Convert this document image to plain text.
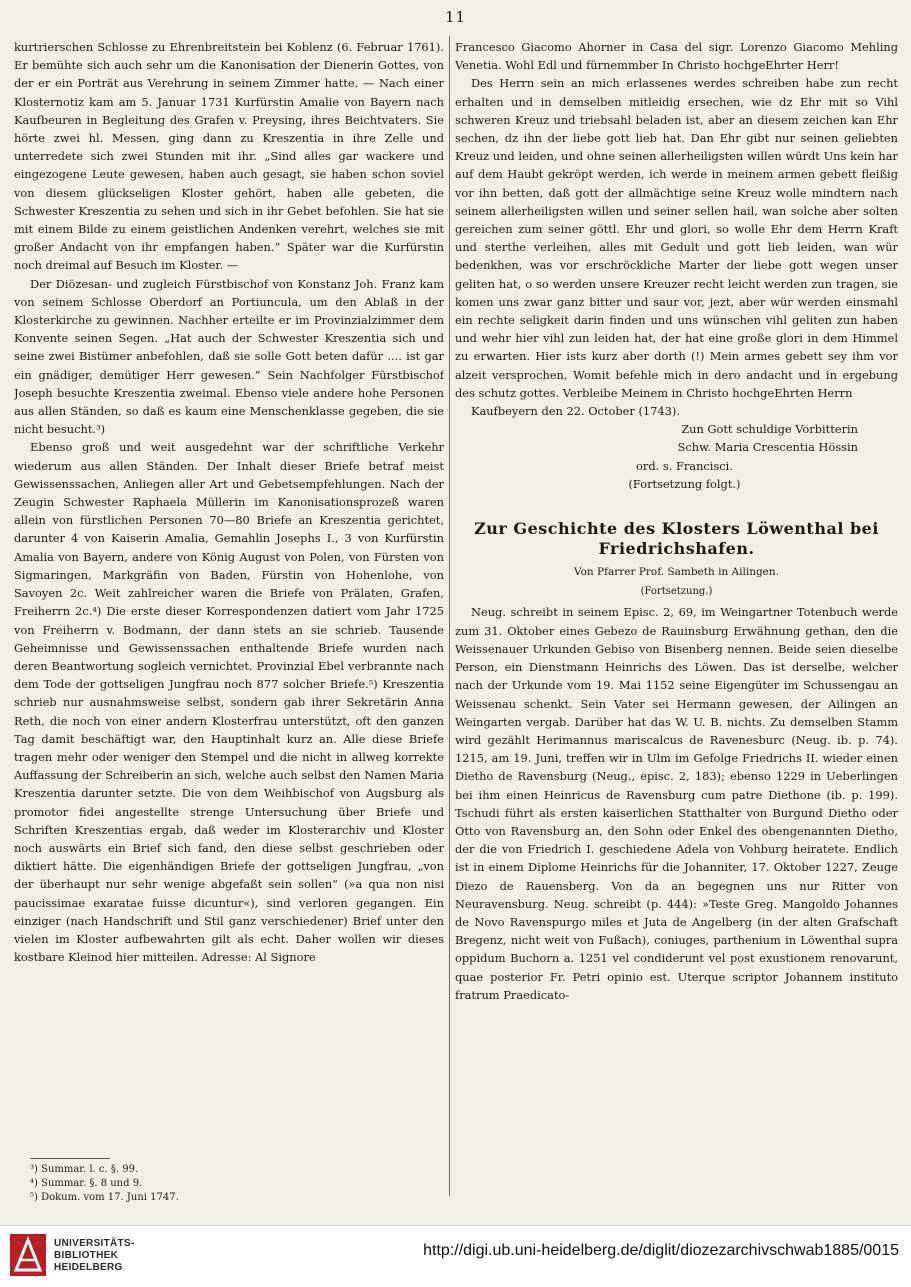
11

kurtrierschen Schlosse zu Ehrenbreitstein bei Koblenz (6. Februar 1761). Er bemühte sich auch sehr um die Kanonisation der Dienerin Gottes, von der er ein Porträt aus Verehrung in seinem Zimmer hatte. — Nach einer Klosternotiz kam am 5. Januar 1731 Kurfürstin Amalie von Bayern nach Kaufbeuren in Begleitung des Grafen v. Preysing, ihres Beichtvaters. Sie hörte zwei hl. Messen, ging dann zu Kreszentia in ihre Zelle und unterredete sich zwei Stunden mit ihr. „Sind alles gar wackere und eingezogene Leute gewesen, haben auch gesagt, sie haben schon soviel von diesem glückseligen Kloster gehört, haben alle gebeten, die Schwester Kreszentia zu sehen und sich in ihr Gebet befohlen. Sie hat sie mit einem Bilde zu einem geistlichen Andenken verehrt, welches sie mit großer Andacht von ihr empfangen haben.“ Später war die Kurfürstin noch dreimal auf Besuch im Kloster. —

Der Diözesan- und zugleich Fürstbischof von Konstanz Joh. Franz kam von seinem Schlosse Oberdorf an Portiuncula, um den Ablaß in der Klosterkirche zu gewinnen. Nachher erteilte er im Provinzialzimmer dem Konvente seinen Segen. „Hat auch der Schwester Kreszentia sich und seine zwei Bistümer anbefohlen, daß sie solle Gott beten dafür .... ist gar ein gnädiger, demütiger Herr gewesen.“ Sein Nachfolger Fürstbischof Joseph besuchte Kreszentia zweimal. Ebenso viele andere hohe Personen aus allen Ständen, so daß es kaum eine Menschenklasse gegeben, die sie nicht besucht.³)

Ebenso groß und weit ausgedehnt war der schriftliche Verkehr wiederum aus allen Ständen. Der Inhalt dieser Briefe betraf meist Gewissenssachen, Anliegen aller Art und Gebetsempfehlungen. Nach der Zeugin Schwester Raphaela Müllerin im Kanonisationsprozeß waren allein von fürstlichen Personen 70—80 Briefe an Kreszentia gerichtet, darunter 4 von Kaiserin Amalia, Gemahlin Josephs I., 3 von Kurfürstin Amalia von Bayern, andere von König August von Polen, von Fürsten von Sigmaringen, Markgräfin von Baden, Fürstin von Hohenlohe, von Savoyen 2c. Weit zahlreicher waren die Briefe von Prälaten, Grafen, Freiherrn 2c.⁴) Die erste dieser Korrespondenzen datiert vom Jahr 1725 von Freiherrn v. Bodmann, der dann stets an sie schrieb. Tausende Geheimnisse und Gewissenssachen enthaltende Briefe wurden nach deren Beantwortung sogleich vernichtet. Provinzial Ebel verbrannte nach dem Tode der gottseligen Jungfrau noch 877 solcher Briefe.⁵) Kreszentia schrieb nur ausnahmsweise selbst, sondern gab ihrer Sekretärin Anna Reth, die noch von einer andern Klosterfrau unterstützt, oft den ganzen Tag damit beschäftigt war, den Hauptinhalt kurz an. Alle diese Briefe tragen mehr oder weniger den Stempel und die nicht in allweg korrekte Auffassung der Schreiberin an sich, welche auch selbst den Namen Maria Kreszentia darunter setzte. Die von dem Weihbischof von Augsburg als promotor fidei angestellte strenge Untersuchung über Briefe und Schriften Kreszentias ergab, daß weder im Klosterarchiv und Kloster noch auswärts ein Brief sich fand, den diese selbst geschrieben oder diktiert hätte. Die eigenhändigen Briefe der gottseligen Jungfrau, „von der überhaupt nur sehr wenige abgefaßt sein sollen“ (»a qua non nisi paucissimae exaratae fuisse dicuntur«), sind verloren gegangen. Ein einziger (nach Handschrift und Stil ganz verschiedener) Brief unter den vielen im Kloster aufbewahrten gilt als echt. Daher wollen wir dieses kostbare Kleinod hier mitteilen. Adresse: Al Signore

Francesco Giacomo Ahorner in Casa del sigr. Lorenzo Giacomo Mehling Venetia. Wohl Edl und fürnemmber In Christo hochgeEhrter Herr!

Des Herrn sein an mich erlassenes werdes schreiben habe zun recht erhalten und in demselben mitleidig ersechen, wie dz Ehr mit so Vihl schweren Kreuz und triebsahl beladen ist, aber an diesem zeichen kan Ehr sechen, dz ihn der liebe gott lieb hat. Dan Ehr gibt nur seinen geliebten Kreuz und leiden, und ohne seinen allerheiligsten willen würdt Uns kein har auf dem Haubt gekröpt werden, ich werde in meinem armen gebett fleißig vor ihn betten, daß gott der allmächtige seine Kreuz wolle mindtern nach seinem allerheiligsten willen und seiner sellen hail, wan solche aber solten gereichen zum seiner göttl. Ehr und glori, so wolle Ehr dem Herrn Kraft und sterthe verleihen, alles mit Gedult und gott lieb leiden, wan wür bedenkhen, was vor erschröckliche Marter der liebe gott wegen unser geliten hat, o so werden unsere Kreuzer recht leicht werden zun tragen, sie komen uns zwar ganz bitter und saur vor, jezt, aber wür werden einsmahl ein rechte seligkeit darin finden und uns wünschen vihl geliten zun haben und wehr hier vihl zun leiden hat, der hat eine große glori in dem Himmel zu erwarten. Hier ists kurz aber dorth (!) Mein armes gebett sey ihm vor alzeit versprochen, Womit befehle mich in dero andacht und in ergebung des schutz gottes. Verbleibe Meinem in Christo hochgeEhrten Herrn

Kaufbeyern den 22. October (1743).

Zun Gott schuldige Vorbitterin

Schw. Maria Crescentia Hössin

ord. s. Francisci.

(Fortsetzung folgt.)

Zur Geschichte des Klosters Löwenthal bei Friedrichshafen.
Von Pfarrer Prof. Sambeth in Ailingen.
(Fortsetzung.)

Neug. schreibt in seinem Episc. 2, 69, im Weingartner Totenbuch werde zum 31. Oktober eines Gebezo de Rauinsburg Erwähnung gethan, den die Weissenauer Urkunden Gebiso von Bisenberg nennen. Beide seien dieselbe Person, ein Dienstmann Heinrichs des Löwen. Das ist derselbe, welcher nach der Urkunde vom 19. Mai 1152 seine Eigengüter im Schussengau an Weissenau schenkt. Sein Vater sei Hermann gewesen, der Ailingen an Weingarten vergab. Darüber hat das W. U. B. nichts. Zu demselben Stamm wird gezählt Herimannus mariscalcus de Ravenesburc (Neug. ib. p. 74). 1215, am 19. Juni, treffen wir in Ulm im Gefolge Friedrichs II. wieder einen Dietho de Ravensburg (Neug., episc. 2, 183); ebenso 1229 in Ueberlingen bei ihm einen Heinricus de Ravensburg cum patre Diethone (ib. p. 199). Tschudi führt als ersten kaiserlichen Statthalter von Burgund Dietho oder Otto von Ravensburg an, den Sohn oder Enkel des obengenannten Dietho, der die von Friedrich I. geschiedene Adela von Vohburg heiratete. Endlich ist in einem Diplome Heinrichs für die Johanniter, 17. Oktober 1227, Zeuge Diezo de Rauensberg. Von da an begegnen uns nur Ritter von Neuravensburg. Neug. schreibt (p. 444): »Teste Greg. Mangoldo Johannes de Novo Ravenspurgo miles et Juta de Angelberg (in der alten Grafschaft Bregenz, nicht weit von Fußach), coniuges, parthenium in Löwenthal supra oppidum Buchorn a. 1251 vel condiderunt vel post exustionem renovarunt, quae posterior Fr. Petri opinio est. Uterque scriptor Johannem instituto fratrum Praedicato-

³) Summar. l. c. §. 99.
⁴) Summar. §. 8 und 9.
⁵) Dokum. vom 17. Juni 1747.
UNIVERSITÄTS-
BIBLIOTHEK
HEIDELBERG
http://digi.ub.uni-heidelberg.de/diglit/diozezarchivschwab1885/0015
